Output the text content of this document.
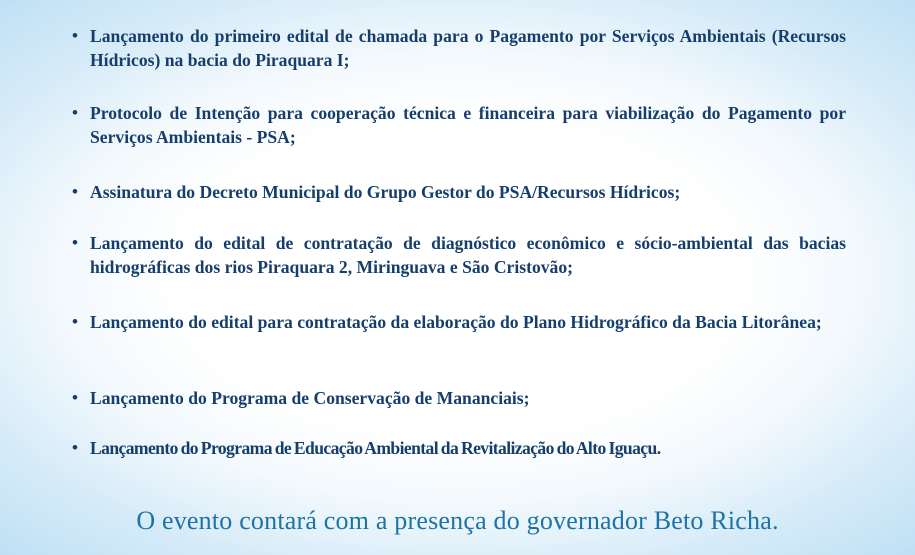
• Lançamento do primeiro edital de chamada para o Pagamento por Serviços Ambientais (Recursos Hídricos) na bacia do Piraquara I;
• Protocolo de Intenção para cooperação técnica e financeira para viabilização do Pagamento por Serviços Ambientais - PSA;
• Assinatura do Decreto Municipal do Grupo Gestor do PSA/Recursos Hídricos;
• Lançamento do edital de contratação de diagnóstico econômico e sócio-ambiental das bacias hidrográficas dos rios Piraquara 2, Miringuava e São Cristovão;
• Lançamento do edital para contratação da elaboração do Plano Hidrográfico da Bacia Litorânea;
• Lançamento do Programa de Conservação de Mananciais;
• Lançamento do Programa de Educação Ambiental da Revitalização do Alto Iguaçu.
O evento contará com a presença do governador Beto Richa.
